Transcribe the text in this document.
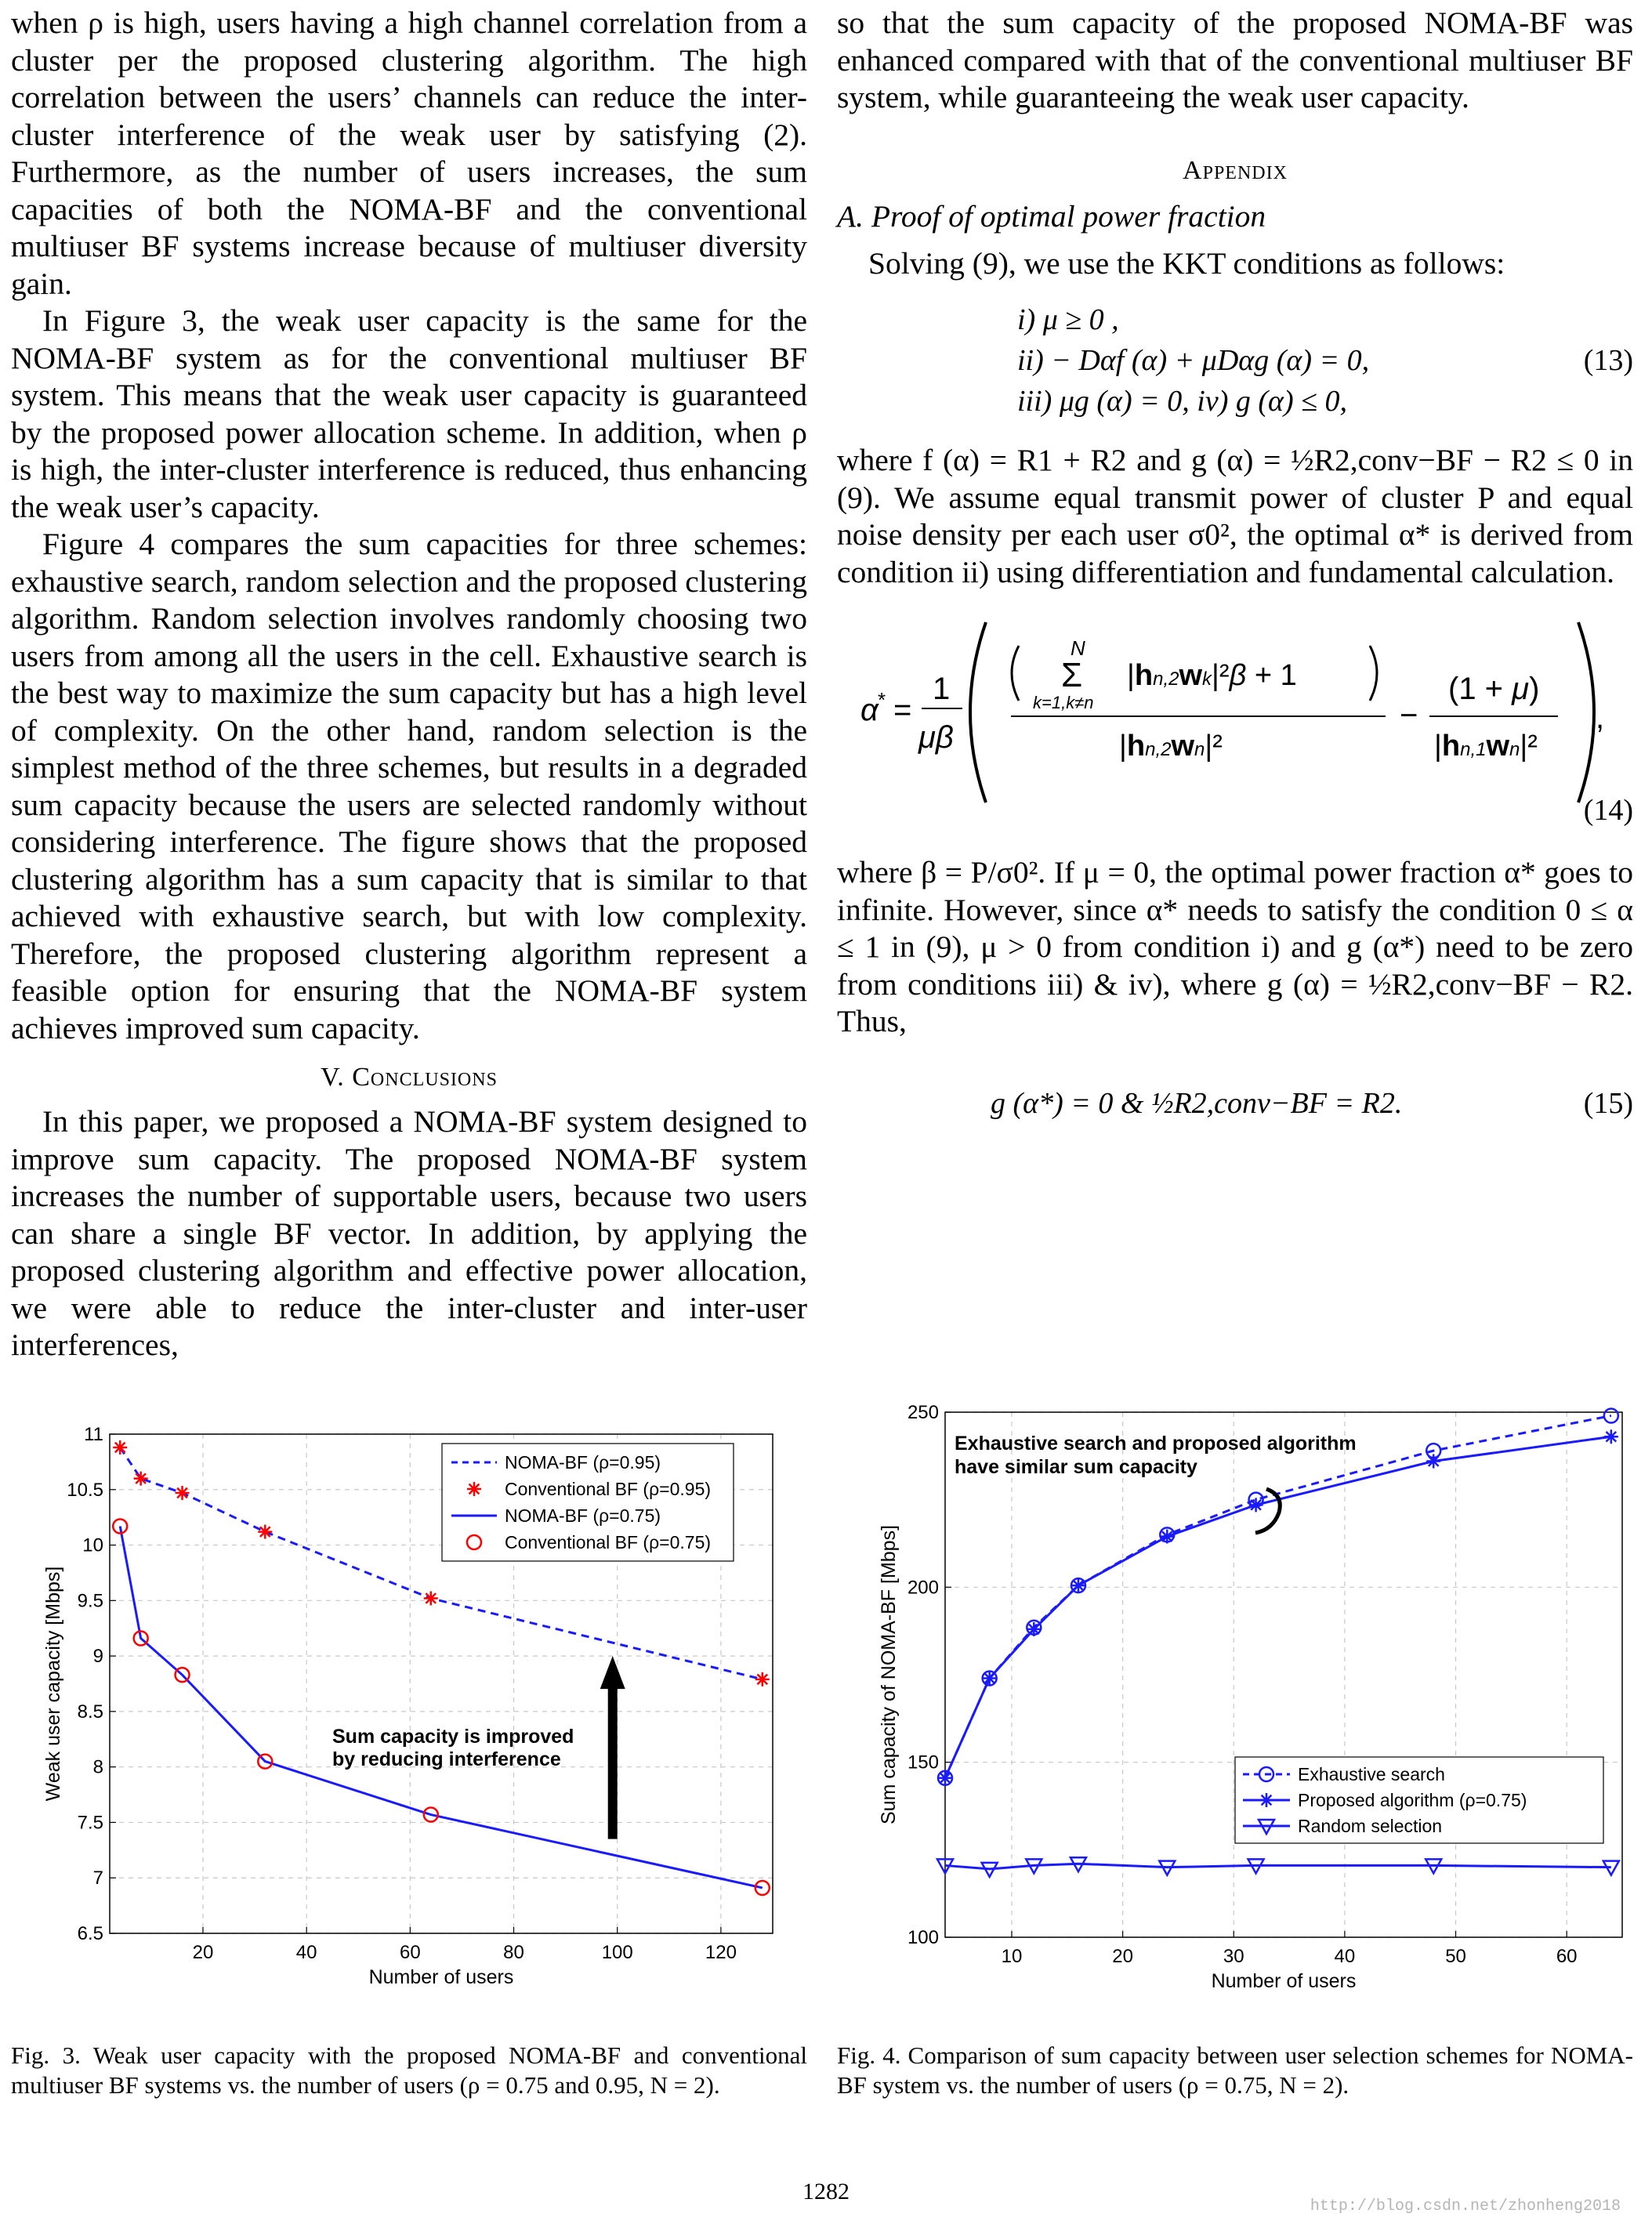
when ρ is high, users having a high channel correlation from a cluster per the proposed clustering algorithm. The high correlation between the users’ channels can reduce the inter-cluster interference of the weak user by satisfying (2). Furthermore, as the number of users increases, the sum capacities of both the NOMA-BF and the conventional multiuser BF systems increase because of multiuser diversity gain.

In Figure 3, the weak user capacity is the same for the NOMA-BF system as for the conventional multiuser BF system. This means that the weak user capacity is guaranteed by the proposed power allocation scheme. In addition, when ρ is high, the inter-cluster interference is reduced, thus enhancing the weak user’s capacity.

Figure 4 compares the sum capacities for three schemes: exhaustive search, random selection and the proposed clustering algorithm. Random selection involves randomly choosing two users from among all the users in the cell. Exhaustive search is the best way to maximize the sum capacity but has a high level of complexity. On the other hand, random selection is the simplest method of the three schemes, but results in a degraded sum capacity because the users are selected randomly without considering interference. The figure shows that the proposed clustering algorithm has a sum capacity that is similar to that achieved with exhaustive search, but with low complexity. Therefore, the proposed clustering algorithm represent a feasible option for ensuring that the NOMA-BF system achieves improved sum capacity.

V. Conclusions

In this paper, we proposed a NOMA-BF system designed to improve sum capacity. The proposed NOMA-BF system increases the number of supportable users, because two users can share a single BF vector. In addition, by applying the proposed clustering algorithm and effective power allocation, we were able to reduce the inter-cluster and inter-user interferences,

so that the sum capacity of the proposed NOMA-BF was enhanced compared with that of the conventional multiuser BF system, while guaranteeing the weak user capacity.

Appendix

A. Proof of optimal power fraction

Solving (9), we use the KKT conditions as follows:

i) μ ≥ 0 ,
ii) − Dαf (α) + μDαg (α) = 0,
iii) μg (α) = 0, iv) g (α) ≤ 0,
(13)

where f (α) = R1 + R2 and g (α) = ½R2,conv−BF − R2 ≤ 0 in (9). We assume equal transmit power of cluster P and equal noise density per each user σ0², the optimal α* is derived from condition ii) using differentiation and fundamental calculation.

α * =
1
μβ
N
Σ
k=1,k≠n
|hn,2wk|²β + 1
|hn,2wn|²
−
(1 + μ)
|hn,1wn|²
,
(14)

where β = P/σ0². If μ = 0, the optimal power fraction α* goes to infinite. However, since α* needs to satisfy the condition 0 ≤ α ≤ 1 in (9), μ > 0 from condition i) and g (α*) need to be zero from conditions iii) & iv), where g (α) = ½R2,conv−BF − R2. Thus,

g (α*) = 0 & ½R2,conv−BF = R2.	(15)
20	40	60	80	100	120
6.5
7
7.5
8
8.5
9
9.5
10
10.5
11
Number of users
Weak user capacity [Mbps]
NOMA-BF (ρ=0.95)
Conventional BF (ρ=0.95)
NOMA-BF (ρ=0.75)
Conventional BF (ρ=0.75)
Sum capacity is improved
by reducing interference
10	20	30	40	50	60
100
150
200
250
Number of users
Sum capacity of NOMA-BF [Mbps]	Exhaustive search
Proposed algorithm (ρ=0.75)
Random selection
Exhaustive search and proposed algorithm
have similar sum capacity
Fig. 3. Weak user capacity with the proposed NOMA-BF and conventional multiuser BF systems vs. the number of users (ρ = 0.75 and 0.95, N = 2).
Fig. 4. Comparison of sum capacity between user selection schemes for NOMA-BF system vs. the number of users (ρ = 0.75, N = 2).
1282
http://blog.csdn.net/zhonheng2018
